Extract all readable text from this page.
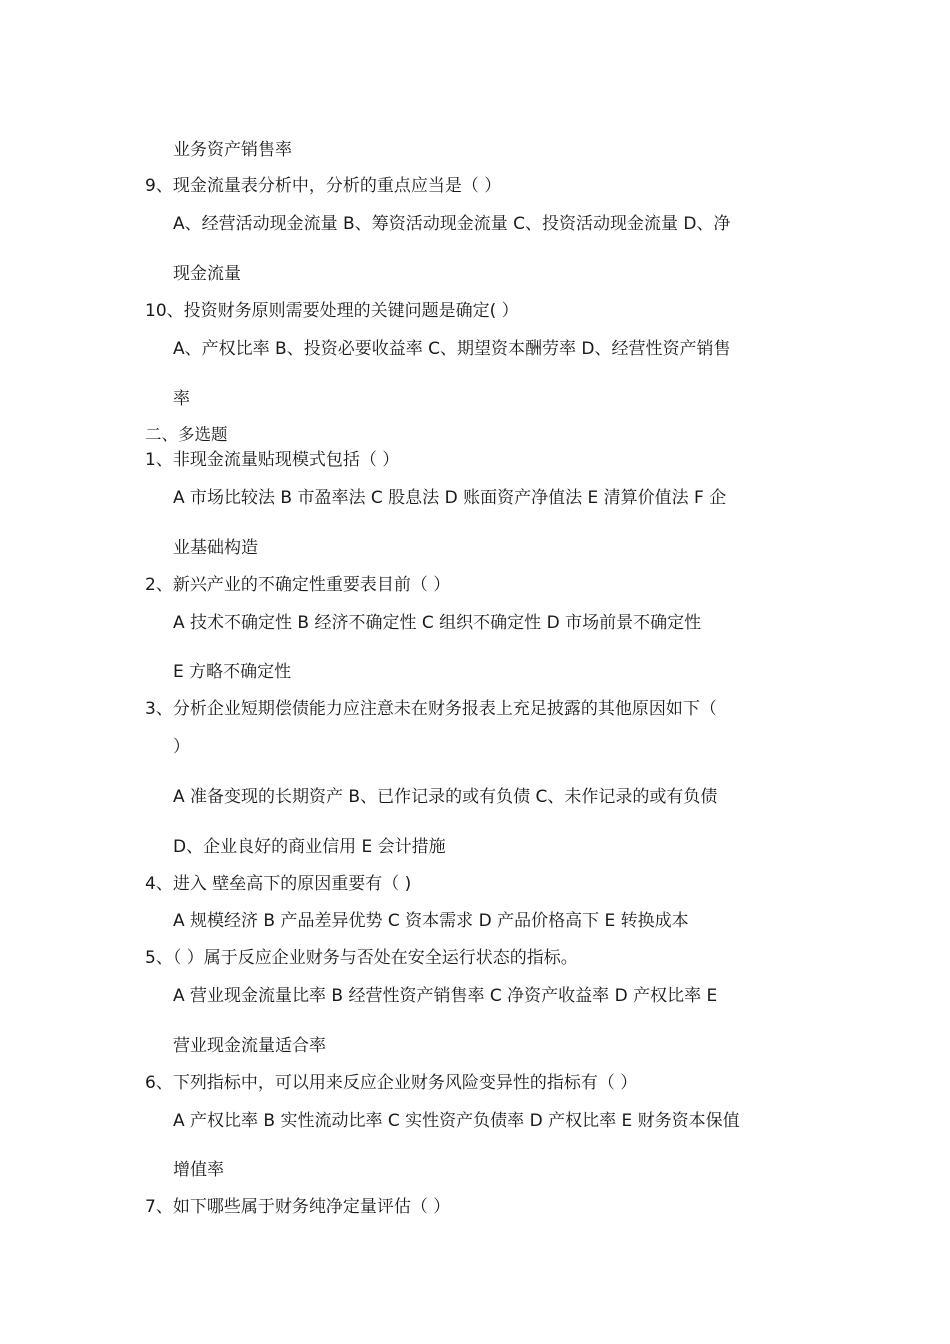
业务资产销售率
9、现金流量表分析中，分析的重点应当是（ ）
A、经营活动现金流量 B、筹资活动现金流量 C、投资活动现金流量 D、净
现金流量
10、投资财务原则需要处理的关键问题是确定( ）
A、产权比率 B、投资必要收益率 C、期望资本酬劳率 D、经营性资产销售
率
二、多选题
1、非现金流量贴现模式包括（ ）
A 市场比较法 B 市盈率法 C 股息法 D 账面资产净值法 E 清算价值法 F 企
业基础构造
2、新兴产业的不确定性重要表目前（ ）
A 技术不确定性 B 经济不确定性 C 组织不确定性 D 市场前景不确定性
E 方略不确定性
3、分析企业短期偿债能力应注意未在财务报表上充足披露的其他原因如下（
）
A 准备变现的长期资产 B、已作记录的或有负债 C、未作记录的或有负债
D、企业良好的商业信用 E 会计措施
4、进入 壁垒高下的原因重要有（ )
A 规模经济 B 产品差异优势 C 资本需求 D 产品价格高下 E 转换成本
5、（ ）属于反应企业财务与否处在安全运行状态的指标。
A 营业现金流量比率 B 经营性资产销售率 C 净资产收益率 D 产权比率 E
营业现金流量适合率
6、下列指标中，可以用来反应企业财务风险变异性的指标有（ ）
A 产权比率 B 实性流动比率 C 实性资产负债率 D 产权比率 E 财务资本保值
增值率
7、如下哪些属于财务纯净定量评估（ ）
